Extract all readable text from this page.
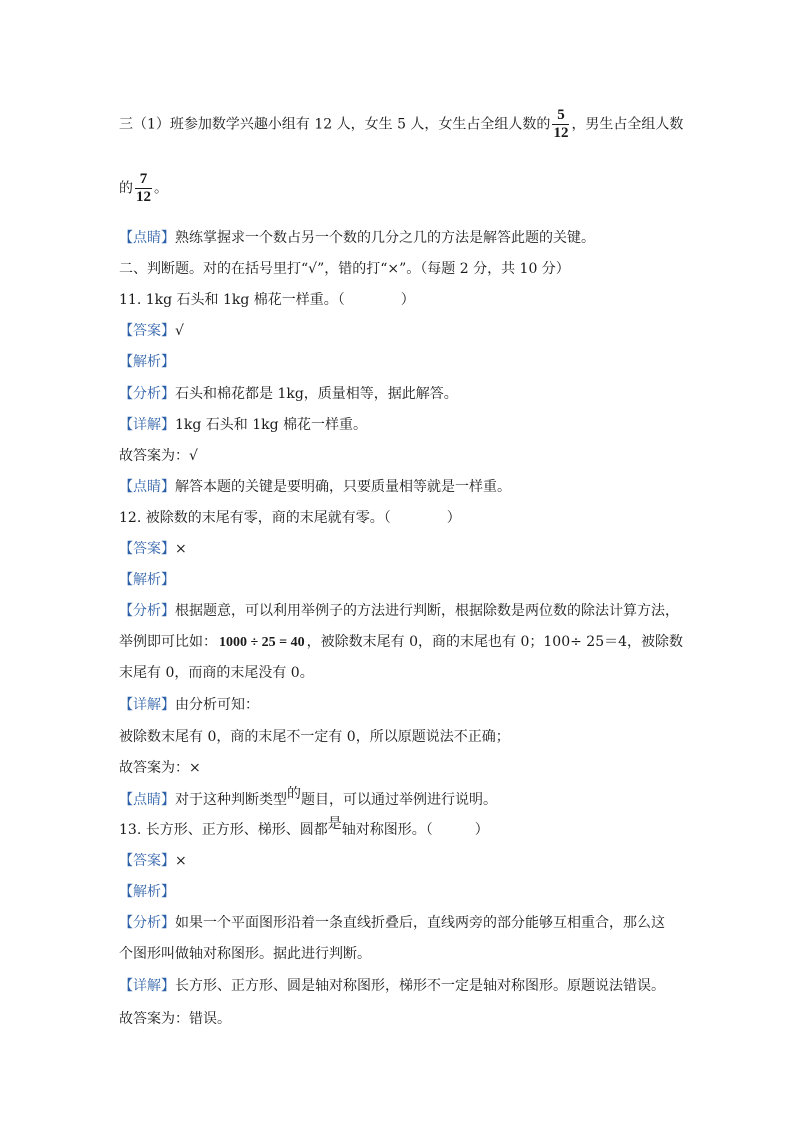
三（1）班参加数学兴趣小组有 12 人，女生 5 人，女生占全组人数的 $\frac{5}{12}$ ，男生占全组人数
的 $\frac{7}{12}$ 。
【点睛】熟练掌握求一个数占另一个数的几分之几的方法是解答此题的关键。
二、判断题。对的在括号里打“√”，错的打“×”。（每题 2 分，共 10 分）
11. 1kg 石头和 1kg 棉花一样重。（　　　　）
【答案】√
【解析】
【分析】石头和棉花都是 1kg，质量相等，据此解答。
【详解】1kg 石头和 1kg 棉花一样重。
故答案为：√
【点睛】解答本题的关键是要明确，只要质量相等就是一样重。
12. 被除数的末尾有零，商的末尾就有零。（　　　　）
【答案】×
【解析】
【分析】根据题意，可以利用举例子的方法进行判断，根据除数是两位数的除法计算方法，
举例即可比如： 1000 ÷ 25 = 40 ，被除数末尾有 0，商的末尾也有 0；100÷ 25＝4，被除数
末尾有 0，而商的末尾没有 0。
【详解】由分析可知：
被除数末尾有 0，商的末尾不一定有 0，所以原题说法不正确；
故答案为：×
【点睛】对于这种判断类型的题目，可以通过举例进行说明。
13. 长方形、正方形、梯形、圆都是轴对称图形。（　　　）
【答案】×
【解析】
【分析】如果一个平面图形沿着一条直线折叠后，直线两旁的部分能够互相重合，那么这
个图形叫做轴对称图形。据此进行判断。
【详解】长方形、正方形、圆是轴对称图形，梯形不一定是轴对称图形。原题说法错误。
故答案为：错误。
